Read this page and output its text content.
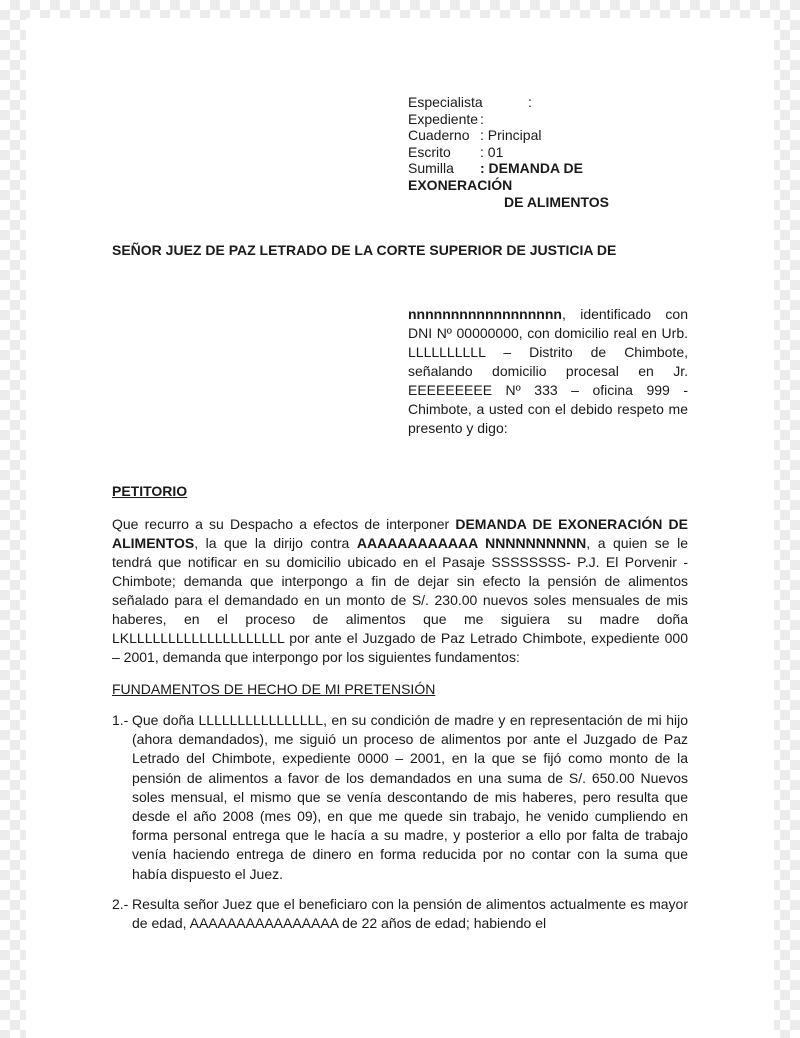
Especialista	:
Expediente :
Cuaderno : Principal
Escrito : 01
Sumilla : DEMANDA DE
EXONERACIÓN
DE ALIMENTOS
SEÑOR JUEZ DE PAZ LETRADO DE LA CORTE SUPERIOR DE JUSTICIA DE
nnnnnnnnnnnnnnnnnn, identificado con DNI Nº 00000000, con domicilio real en Urb. LLLLLLLLLL – Distrito de Chimbote, señalando domicilio procesal en Jr. EEEEEEEEE Nº 333 – oficina 999 - Chimbote, a usted con el debido respeto me presento y digo:
PETITORIO
Que recurro a su Despacho a efectos de interponer DEMANDA DE EXONERACIÓN DE ALIMENTOS, la que la dirijo contra AAAAAAAAAAAA NNNNNNNNNN, a quien se le tendrá que notificar en su domicilio ubicado en el Pasaje SSSSSSSS- P.J. El Porvenir - Chimbote; demanda que interpongo a fin de dejar sin efecto la pensión de alimentos señalado para el demandado en un monto de S/. 230.00 nuevos soles mensuales de mis haberes, en el proceso de alimentos que me siguiera su madre doña LKLLLLLLLLLLLLLLLLLLLL por ante el Juzgado de Paz Letrado Chimbote, expediente 000 – 2001, demanda que interpongo por los siguientes fundamentos:
FUNDAMENTOS DE HECHO DE MI PRETENSIÓN
1.- Que doña LLLLLLLLLLLLLLLL, en su condición de madre y en representación de mi hijo (ahora demandados), me siguió un proceso de alimentos por ante el Juzgado de Paz Letrado del Chimbote, expediente 0000 – 2001, en la que se fijó como monto de la pensión de alimentos a favor de los demandados en una suma de S/. 650.00 Nuevos soles mensual, el mismo que se venía descontando de mis haberes, pero resulta que desde el año 2008 (mes 09), en que me quede sin trabajo, he venido cumpliendo en forma personal entrega que le hacía a su madre, y posterior a ello por falta de trabajo venía haciendo entrega de dinero en forma reducida por no contar con la suma que había dispuesto el Juez.
2.- Resulta señor Juez que el beneficiaro con la pensión de alimentos actualmente es mayor de edad, AAAAAAAAAAAAAAAA de 22 años de edad; habiendo el
